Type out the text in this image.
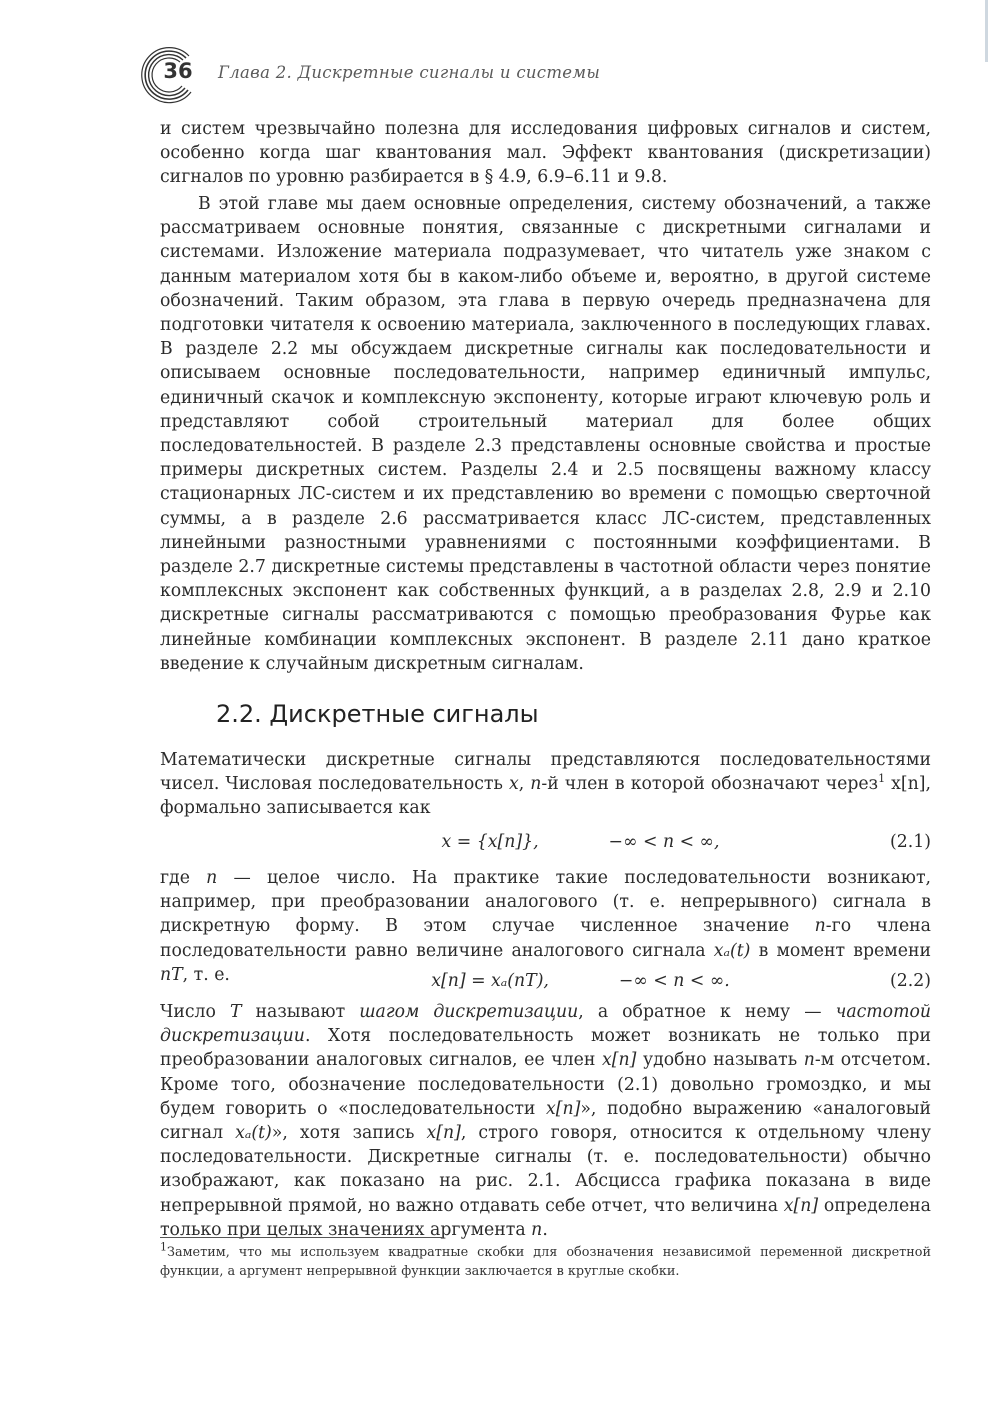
36	Глава 2. Дискретные сигналы и системы

и систем чрезвычайно полезна для исследования цифровых сигналов и систем, особенно когда шаг квантования мал. Эффект квантования (дискретизации) сигналов по уровню разбирается в § 4.9, 6.9–6.11 и 9.8.

В этой главе мы даем основные определения, систему обозначений, а также рассматриваем основные понятия, связанные с дискретными сигналами и системами. Изложение материала подразумевает, что читатель уже знаком с данным материалом хотя бы в каком-либо объеме и, вероятно, в другой системе обозначений. Таким образом, эта глава в первую очередь предназначена для подготовки читателя к освоению материала, заключенного в последующих главах. В разделе 2.2 мы обсуждаем дискретные сигналы как последовательности и описываем основные последовательности, например единичный импульс, единичный скачок и комплексную экспоненту, которые играют ключевую роль и представляют собой строительный материал для более общих последовательностей. В разделе 2.3 представлены основные свойства и простые примеры дискретных систем. Разделы 2.4 и 2.5 посвящены важному классу стационарных ЛС-систем и их представлению во времени с помощью сверточной суммы, а в разделе 2.6 рассматривается класс ЛС-систем, представленных линейными разностными уравнениями с постоянными коэффициентами. В разделе 2.7 дискретные системы представлены в частотной области через понятие комплексных экспонент как собственных функций, а в разделах 2.8, 2.9 и 2.10 дискретные сигналы рассматриваются с помощью преобразования Фурье как линейные комбинации комплексных экспонент. В разделе 2.11 дано краткое введение к случайным дискретным сигналам.

2.2. Дискретные сигналы

Математически дискретные сигналы представляются последовательностями чисел. Числовая последовательность x, n-й член в которой обозначают через$^1$ x[n], формально записывается как

x = {x[n]},	−∞ < n < ∞,	(2.1)

где n — целое число. На практике такие последовательности возникают, например, при преобразовании аналогового (т. е. непрерывного) сигнала в дискретную форму. В этом случае численное значение n-го члена последовательности равно величине аналогового сигнала xₐ(t) в момент времени nT, т. е.	x[n] = xₐ(nT),	−∞ < n < ∞.	(2.2)

Число T называют шагом дискретизации, а обратное к нему — частотой дискретизации. Хотя последовательность может возникать не только при преобразовании аналоговых сигналов, ее член x[n] удобно называть n-м отсчетом. Кроме того, обозначение последовательности (2.1) довольно громоздко, и мы будем говорить о «последовательности x[n]», подобно выражению «аналоговый сигнал xₐ(t)», хотя запись x[n], строго говоря, относится к отдельному члену последовательности. Дискретные сигналы (т. е. последовательности) обычно изображают, как показано на рис. 2.1. Абсцисса графика показана в виде непрерывной прямой, но важно отдавать себе отчет, что величина x[n] определена только при целых значениях аргумента n.

$^1$Заметим, что мы используем квадратные скобки для обозначения независимой переменной дискретной функции, а аргумент непрерывной функции заключается в круглые скобки.
